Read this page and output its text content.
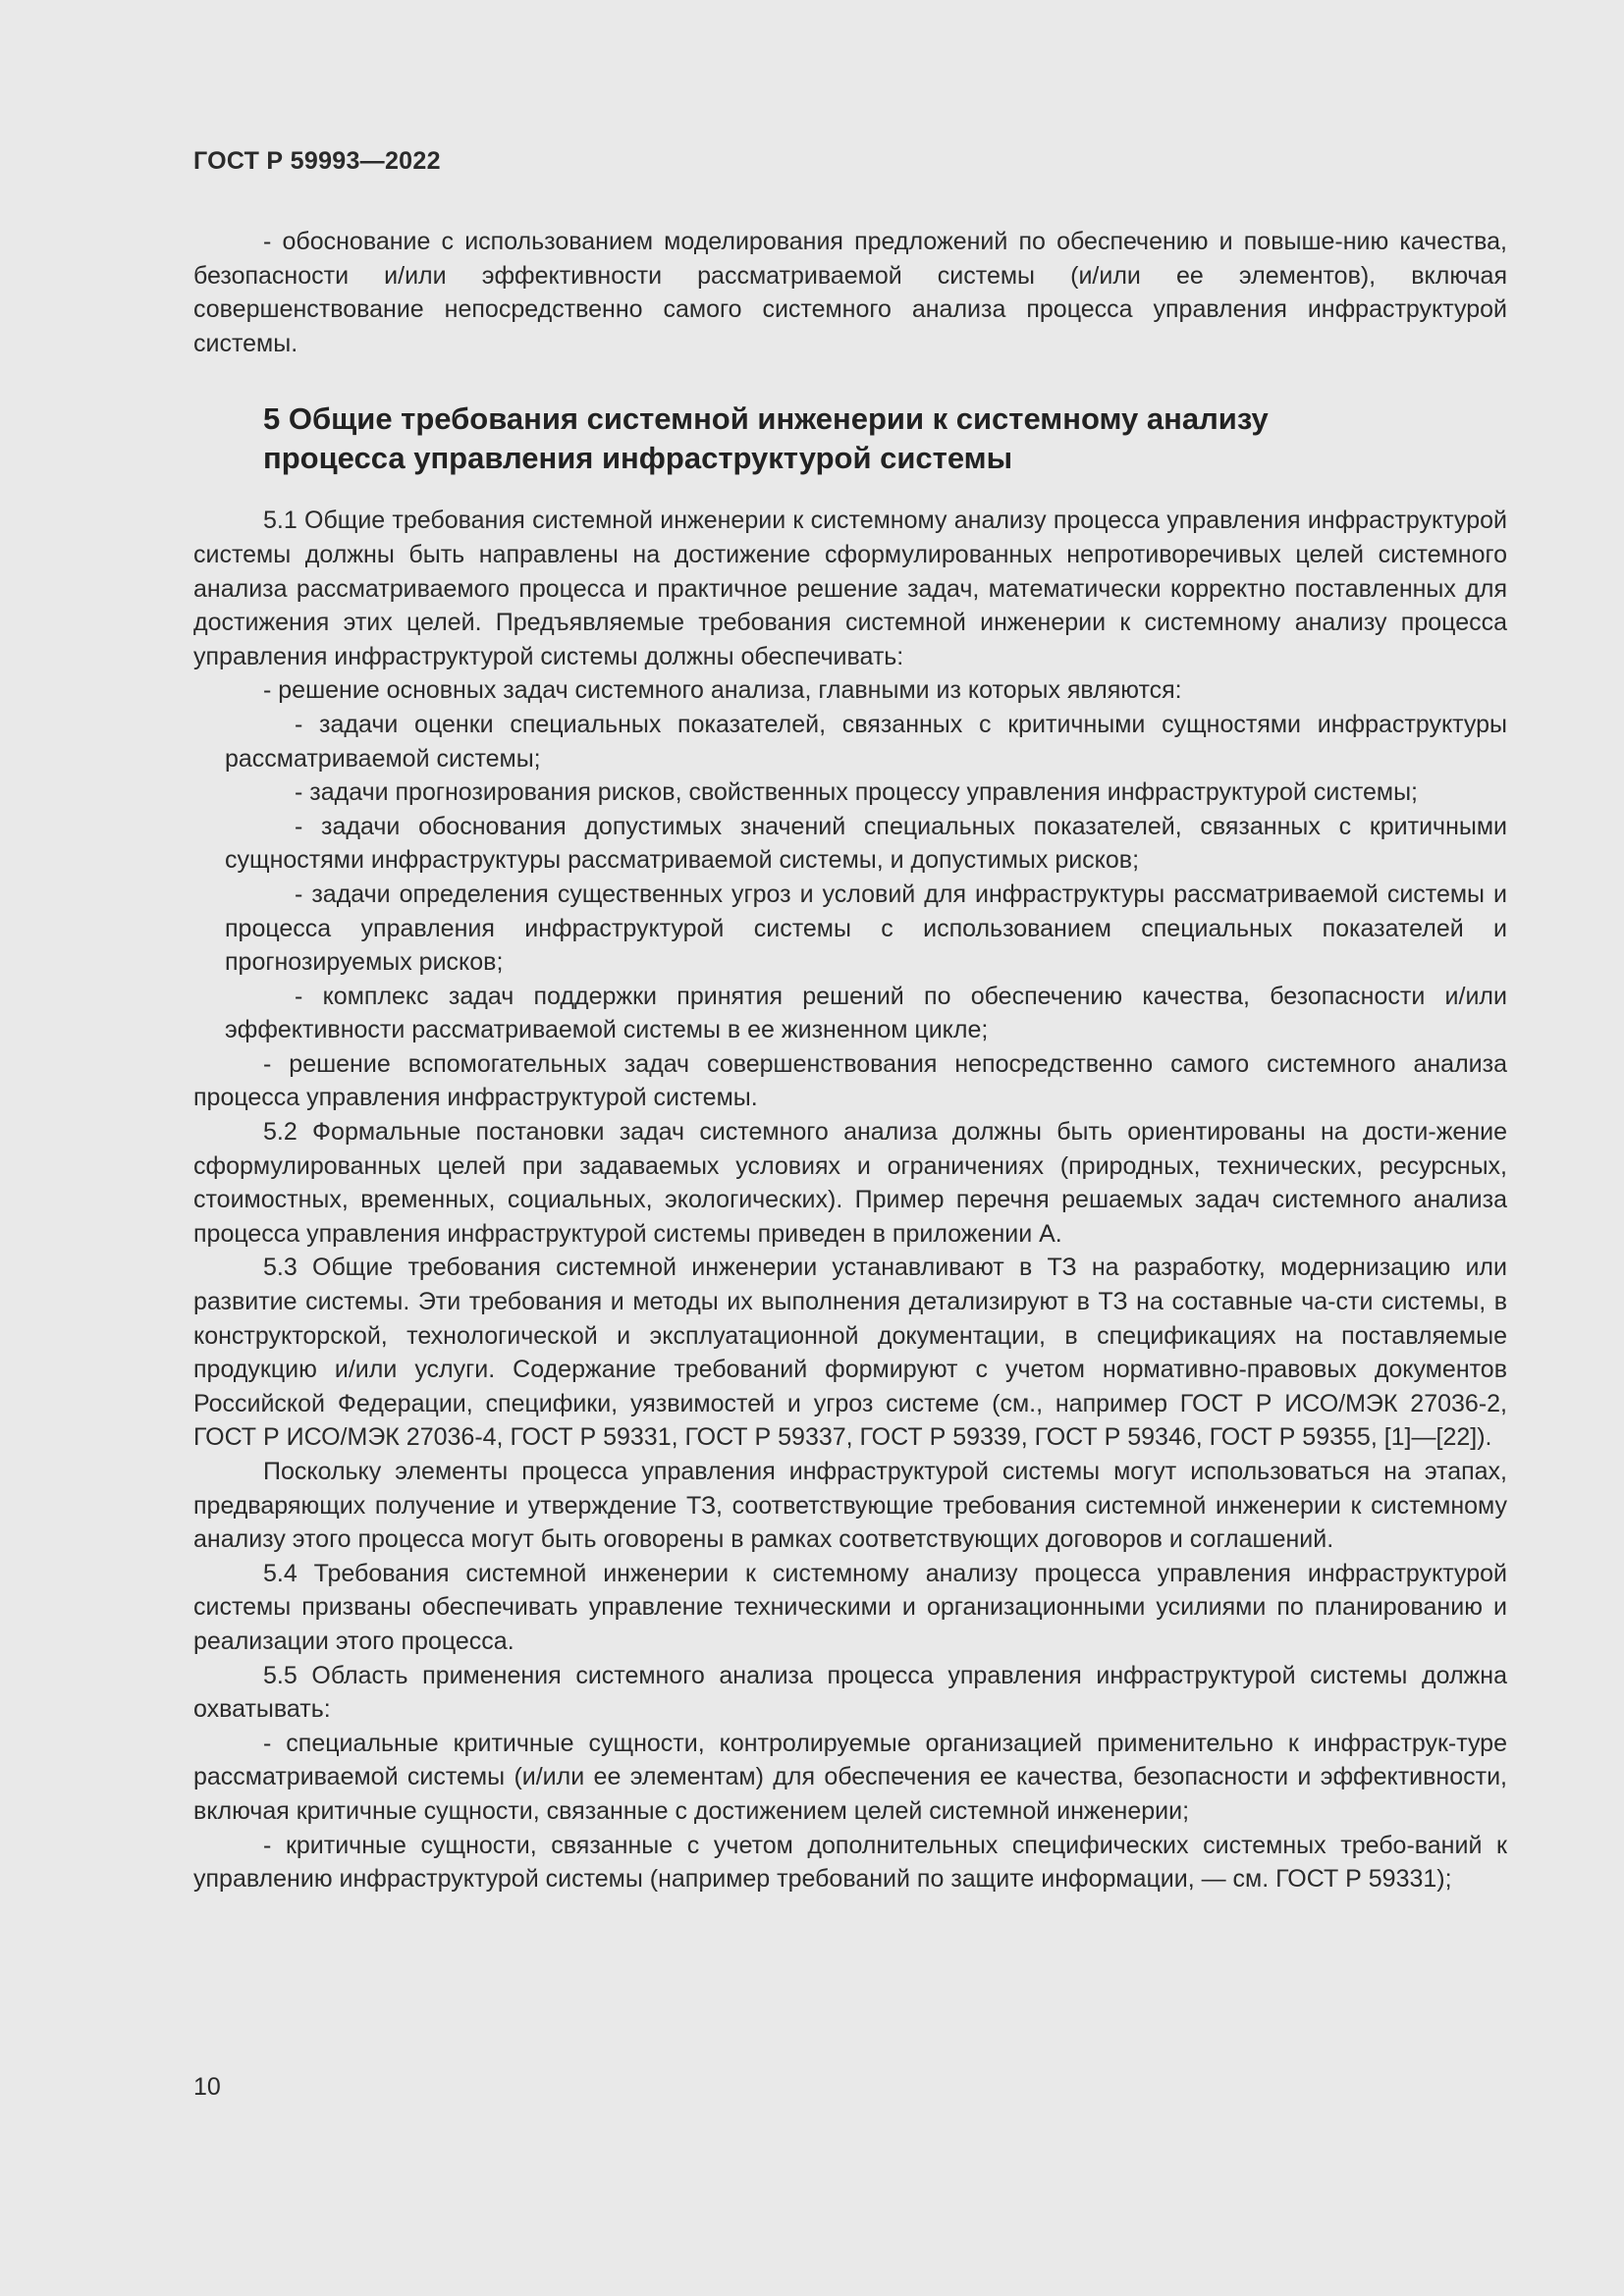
ГОСТ Р 59993—2022

- обоснование с использованием моделирования предложений по обеспечению и повыше-нию качества, безопасности и/или эффективности рассматриваемой системы (и/или ее элементов), включая совершенствование непосредственно самого системного анализа процесса управления инфраструктурой системы.

5 Общие требования системной инженерии к системному анализу
процесса управления инфраструктурой системы

5.1 Общие требования системной инженерии к системному анализу процесса управления инфраструктурой системы должны быть направлены на достижение сформулированных непротиворечивых целей системного анализа рассматриваемого процесса и практичное решение задач, математически корректно поставленных для достижения этих целей. Предъявляемые требования системной инженерии к системному анализу процесса управления инфраструктурой системы должны обеспечивать:

- решение основных задач системного анализа, главными из которых являются:

- задачи оценки специальных показателей, связанных с критичными сущностями инфраструктуры рассматриваемой системы;

- задачи прогнозирования рисков, свойственных процессу управления инфраструктурой системы;

- задачи обоснования допустимых значений специальных показателей, связанных с критичными сущностями инфраструктуры рассматриваемой системы, и допустимых рисков;

- задачи определения существенных угроз и условий для инфраструктуры рассматриваемой системы и процесса управления инфраструктурой системы с использованием специальных показателей и прогнозируемых рисков;

- комплекс задач поддержки принятия решений по обеспечению качества, безопасности и/или эффективности рассматриваемой системы в ее жизненном цикле;

- решение вспомогательных задач совершенствования непосредственно самого системного анализа процесса управления инфраструктурой системы.

5.2 Формальные постановки задач системного анализа должны быть ориентированы на дости-жение сформулированных целей при задаваемых условиях и ограничениях (природных, технических, ресурсных, стоимостных, временных, социальных, экологических). Пример перечня решаемых задач системного анализа процесса управления инфраструктурой системы приведен в приложении А.

5.3 Общие требования системной инженерии устанавливают в ТЗ на разработку, модернизацию или развитие системы. Эти требования и методы их выполнения детализируют в ТЗ на составные ча-сти системы, в конструкторской, технологической и эксплуатационной документации, в спецификациях на поставляемые продукцию и/или услуги. Содержание требований формируют с учетом нормативно-правовых документов Российской Федерации, специфики, уязвимостей и угроз системе (см., например ГОСТ Р ИСО/МЭК 27036-2, ГОСТ Р ИСО/МЭК 27036-4, ГОСТ Р 59331, ГОСТ Р 59337, ГОСТ Р 59339, ГОСТ Р 59346, ГОСТ Р 59355, [1]—[22]).

Поскольку элементы процесса управления инфраструктурой системы могут использоваться на этапах, предваряющих получение и утверждение ТЗ, соответствующие требования системной инженерии к системному анализу этого процесса могут быть оговорены в рамках соответствующих договоров и соглашений.

5.4 Требования системной инженерии к системному анализу процесса управления инфраструктурой системы призваны обеспечивать управление техническими и организационными усилиями по планированию и реализации этого процесса.

5.5 Область применения системного анализа процесса управления инфраструктурой системы должна охватывать:

- специальные критичные сущности, контролируемые организацией применительно к инфраструк-туре рассматриваемой системы (и/или ее элементам) для обеспечения ее качества, безопасности и эффективности, включая критичные сущности, связанные с достижением целей системной инженерии;

- критичные сущности, связанные с учетом дополнительных специфических системных требо-ваний к управлению инфраструктурой системы (например требований по защите информации, — см. ГОСТ Р 59331);

10
